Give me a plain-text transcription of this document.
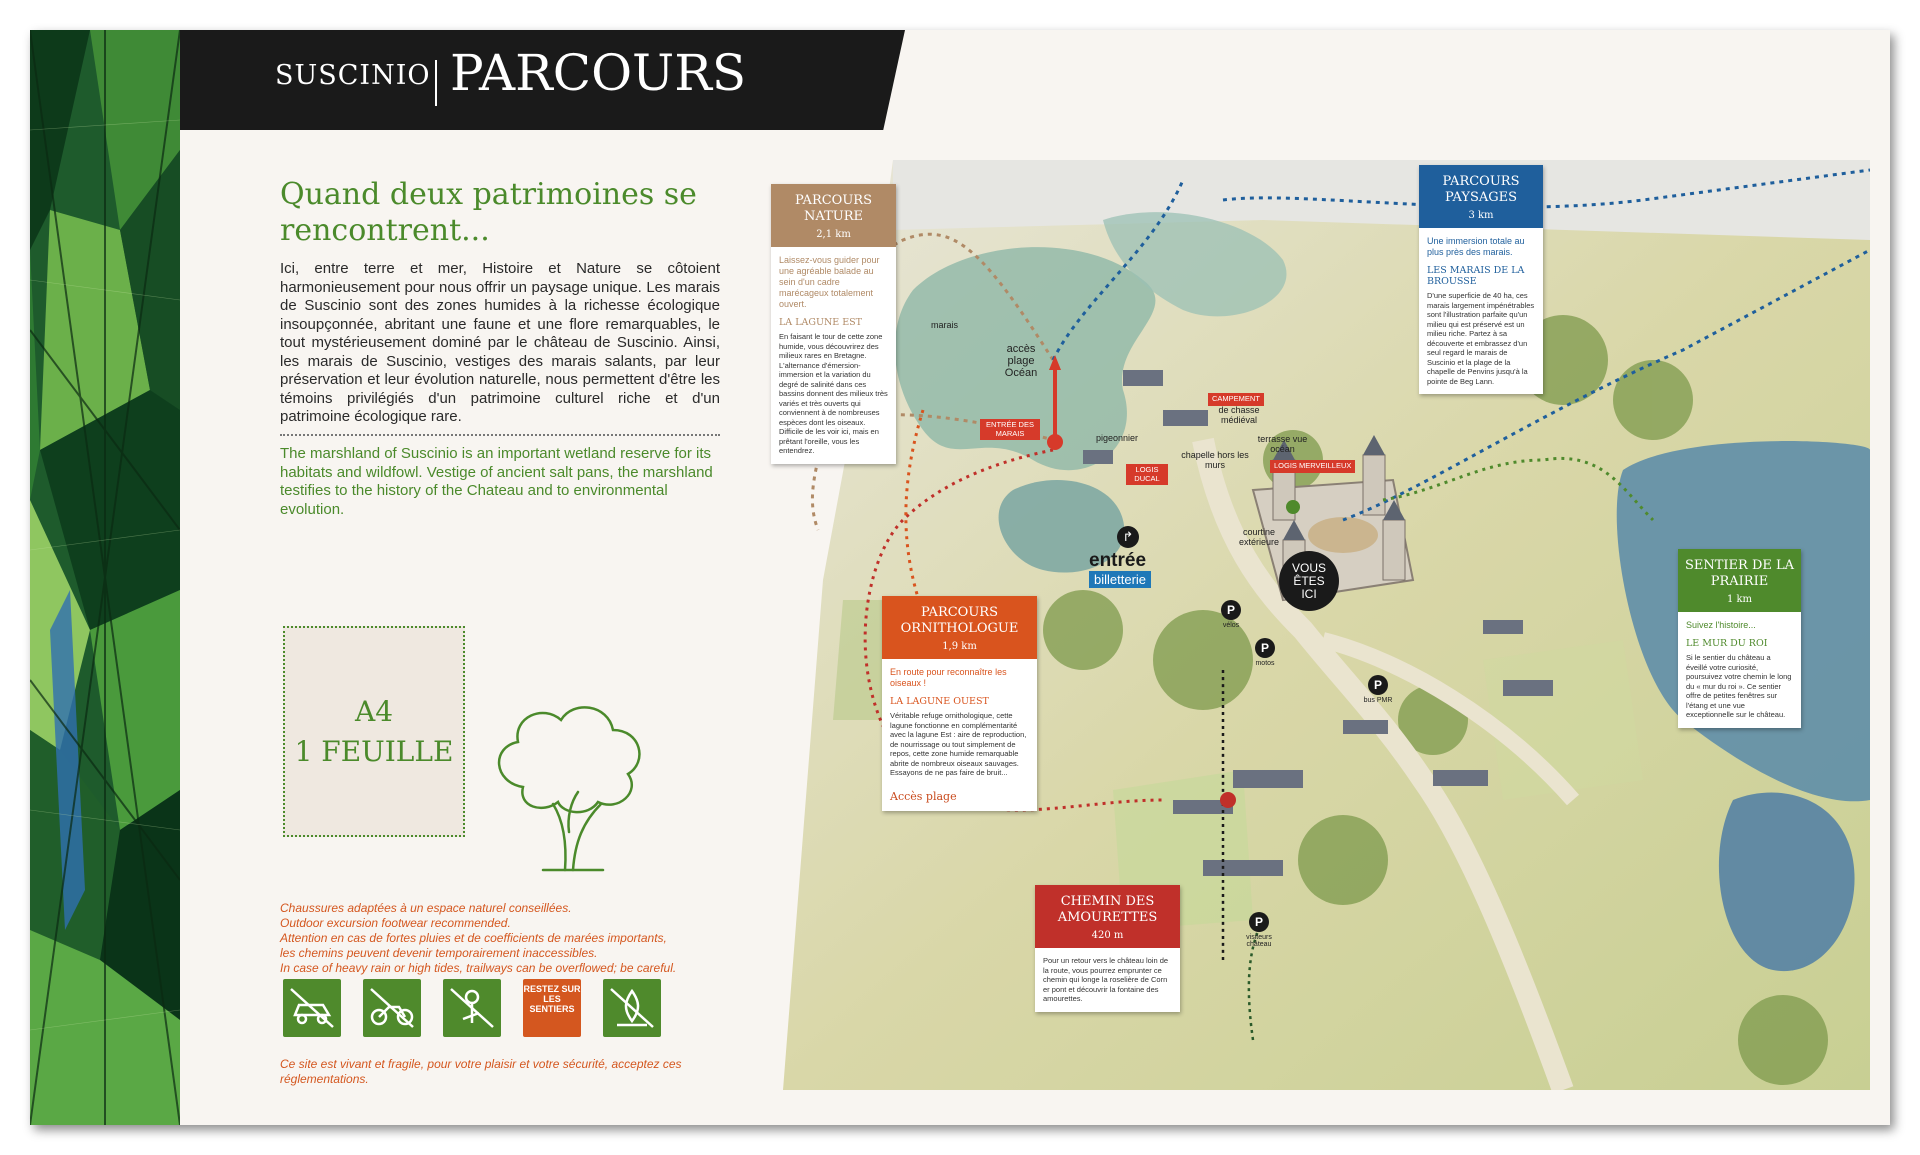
SUSCINIO PARCOURS
Quand deux patrimoines se rencontrent...
Ici, entre terre et mer, Histoire et Nature se côtoient harmonieusement pour nous offrir un paysage unique. Les marais de Suscinio sont des zones humides à la richesse écologique insoupçonnée, abritant une faune et une flore remarquables, le tout mystérieusement dominé par le château de Suscinio. Ainsi, les marais de Suscinio, vestiges des marais salants, par leur préservation et leur évolution naturelle, nous permettent d'être les témoins privilégiés d'un patrimoine culturel riche et d'un patrimoine écologique rare.
The marshland of Suscinio is an important wetland reserve for its habitats and wildfowl. Vestige of ancient salt pans, the marshland testifies to the history of the Chateau and to environmental evolution.
A4
1 FEUILLE
Chaussures adaptées à un espace naturel conseillées.
Outdoor excursion footwear recommended.
Attention en cas de fortes pluies et de coefficients de marées importants,
les chemins peuvent devenir temporairement inaccessibles.
In case of heavy rain or high tides, trailways can be overflowed; be careful.
RESTEZ SUR LES SENTIERS
Ce site est vivant et fragile, pour votre plaisir et votre sécurité, acceptez ces réglementations.
marais
accès plage Océan
pigeonnier
chapelle hors les murs
terrasse vue océan
courtine extérieure
entrée
billetterie
↱
VOUS ÊTES ICI
ENTRÉE DES MARAIS
CAMPEMENT
de chasse médiéval
LOGIS DUCAL
LOGIS MERVEILLEUX
P
vélos
P
motos
P
bus PMR
P
visiteurs château
PARCOURS NATURE
2,1 km
Laissez-vous guider pour une agréable balade au sein d'un cadre marécageux totalement ouvert.
LA LAGUNE EST
En faisant le tour de cette zone humide, vous découvrirez des milieux rares en Bretagne. L'alternance d'émersion-immersion et la variation du degré de salinité dans ces bassins donnent des milieux très variés et très ouverts qui conviennent à de nombreuses espèces dont les oiseaux. Difficile de les voir ici, mais en prêtant l'oreille, vous les entendrez.
PARCOURS PAYSAGES
3 km
Une immersion totale au plus près des marais.
LES MARAIS DE LA BROUSSE
D'une superficie de 40 ha, ces marais largement impénétrables sont l'illustration parfaite qu'un milieu qui est préservé est un milieu riche. Partez à sa découverte et embrassez d'un seul regard le marais de Suscinio et la plage de la chapelle de Penvins jusqu'à la pointe de Beg Lann.
PARCOURS ORNITHOLOGUE
1,9 km
En route pour reconnaître les oiseaux !
LA LAGUNE OUEST
Véritable refuge ornithologique, cette lagune fonctionne en complémentarité avec la lagune Est : aire de reproduction, de nourrissage ou tout simplement de repos, cette zone humide remarquable abrite de nombreux oiseaux sauvages. Essayons de ne pas faire de bruit...
Accès plage
SENTIER DE LA PRAIRIE
1 km
Suivez l'histoire...
LE MUR DU ROI
Si le sentier du château a éveillé votre curiosité, poursuivez votre chemin le long du « mur du roi ». Ce sentier offre de petites fenêtres sur l'étang et une vue exceptionnelle sur le château.
CHEMIN DES AMOURETTES
420 m
Pour un retour vers le château loin de la route, vous pourrez emprunter ce chemin qui longe la roselière de Corn er pont et découvrir la fontaine des amourettes.
